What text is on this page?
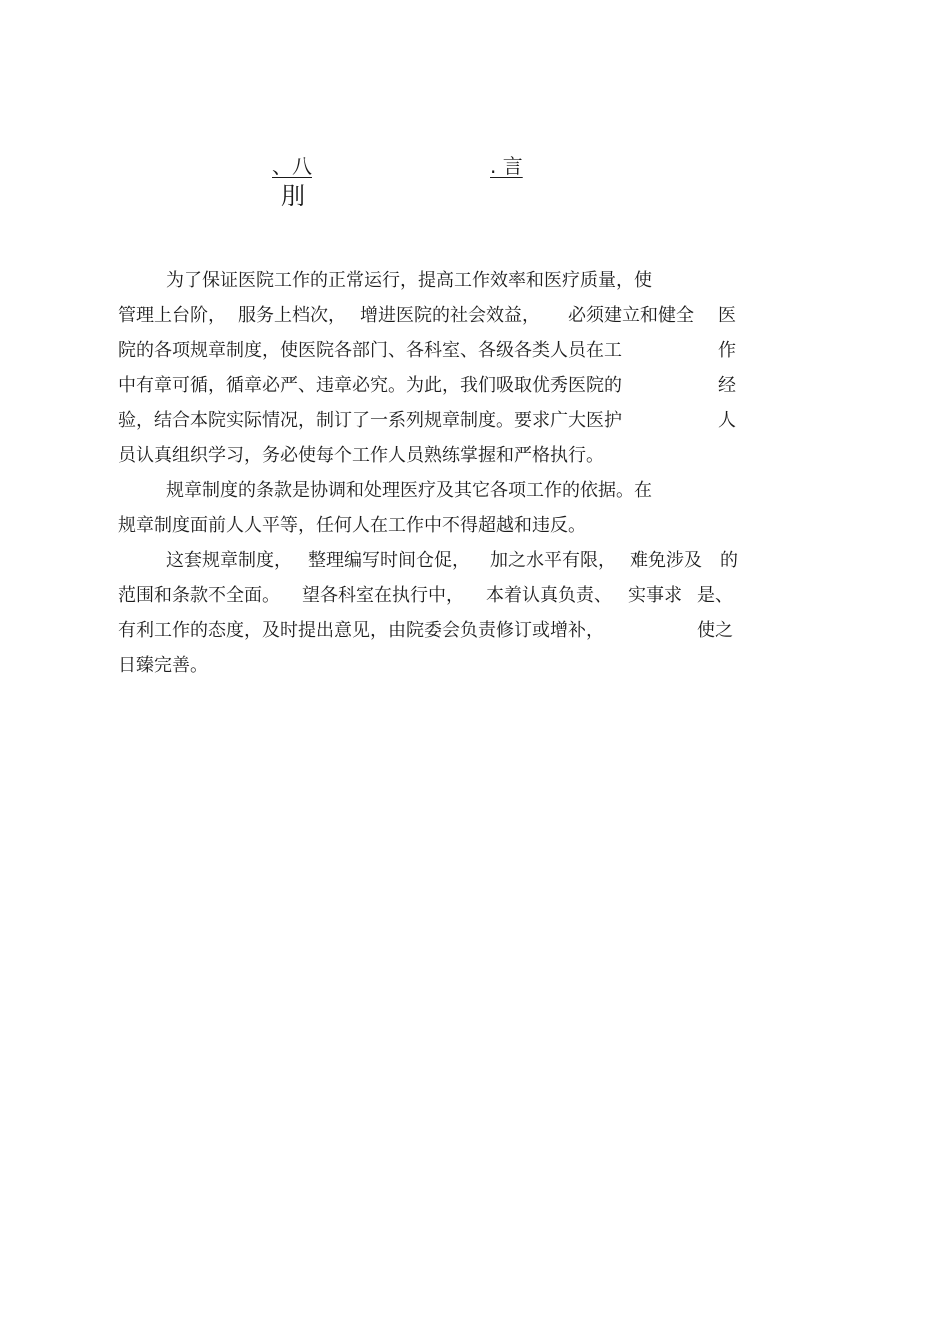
、八	. 言
刖
为了保证医院工作的正常运行，提高工作效率和医疗质量，使
管理上台阶， 服务上档次， 增进医院的社会效益， 必须建立和健全 医
院的各项规章制度，使医院各部门、各科室、各级各类人员在工	作
中有章可循，循章必严、违章必究。为此，我们吸取优秀医院的	经
验，结合本院实际情况，制订了一系列规章制度。要求广大医护	人
员认真组织学习，务必使每个工作人员熟练掌握和严格执行。
规章制度的条款是协调和处理医疗及其它各项工作的依据。在
规章制度面前人人平等，任何人在工作中不得超越和违反。
这套规章制度， 整理编写时间仓促， 加之水平有限， 难免涉及 的
范围和条款不全面。 望各科室在执行中， 本着认真负责、 实事求 是、
有利工作的态度，及时提出意见，由院委会负责修订或增补，	使之
日臻完善。
